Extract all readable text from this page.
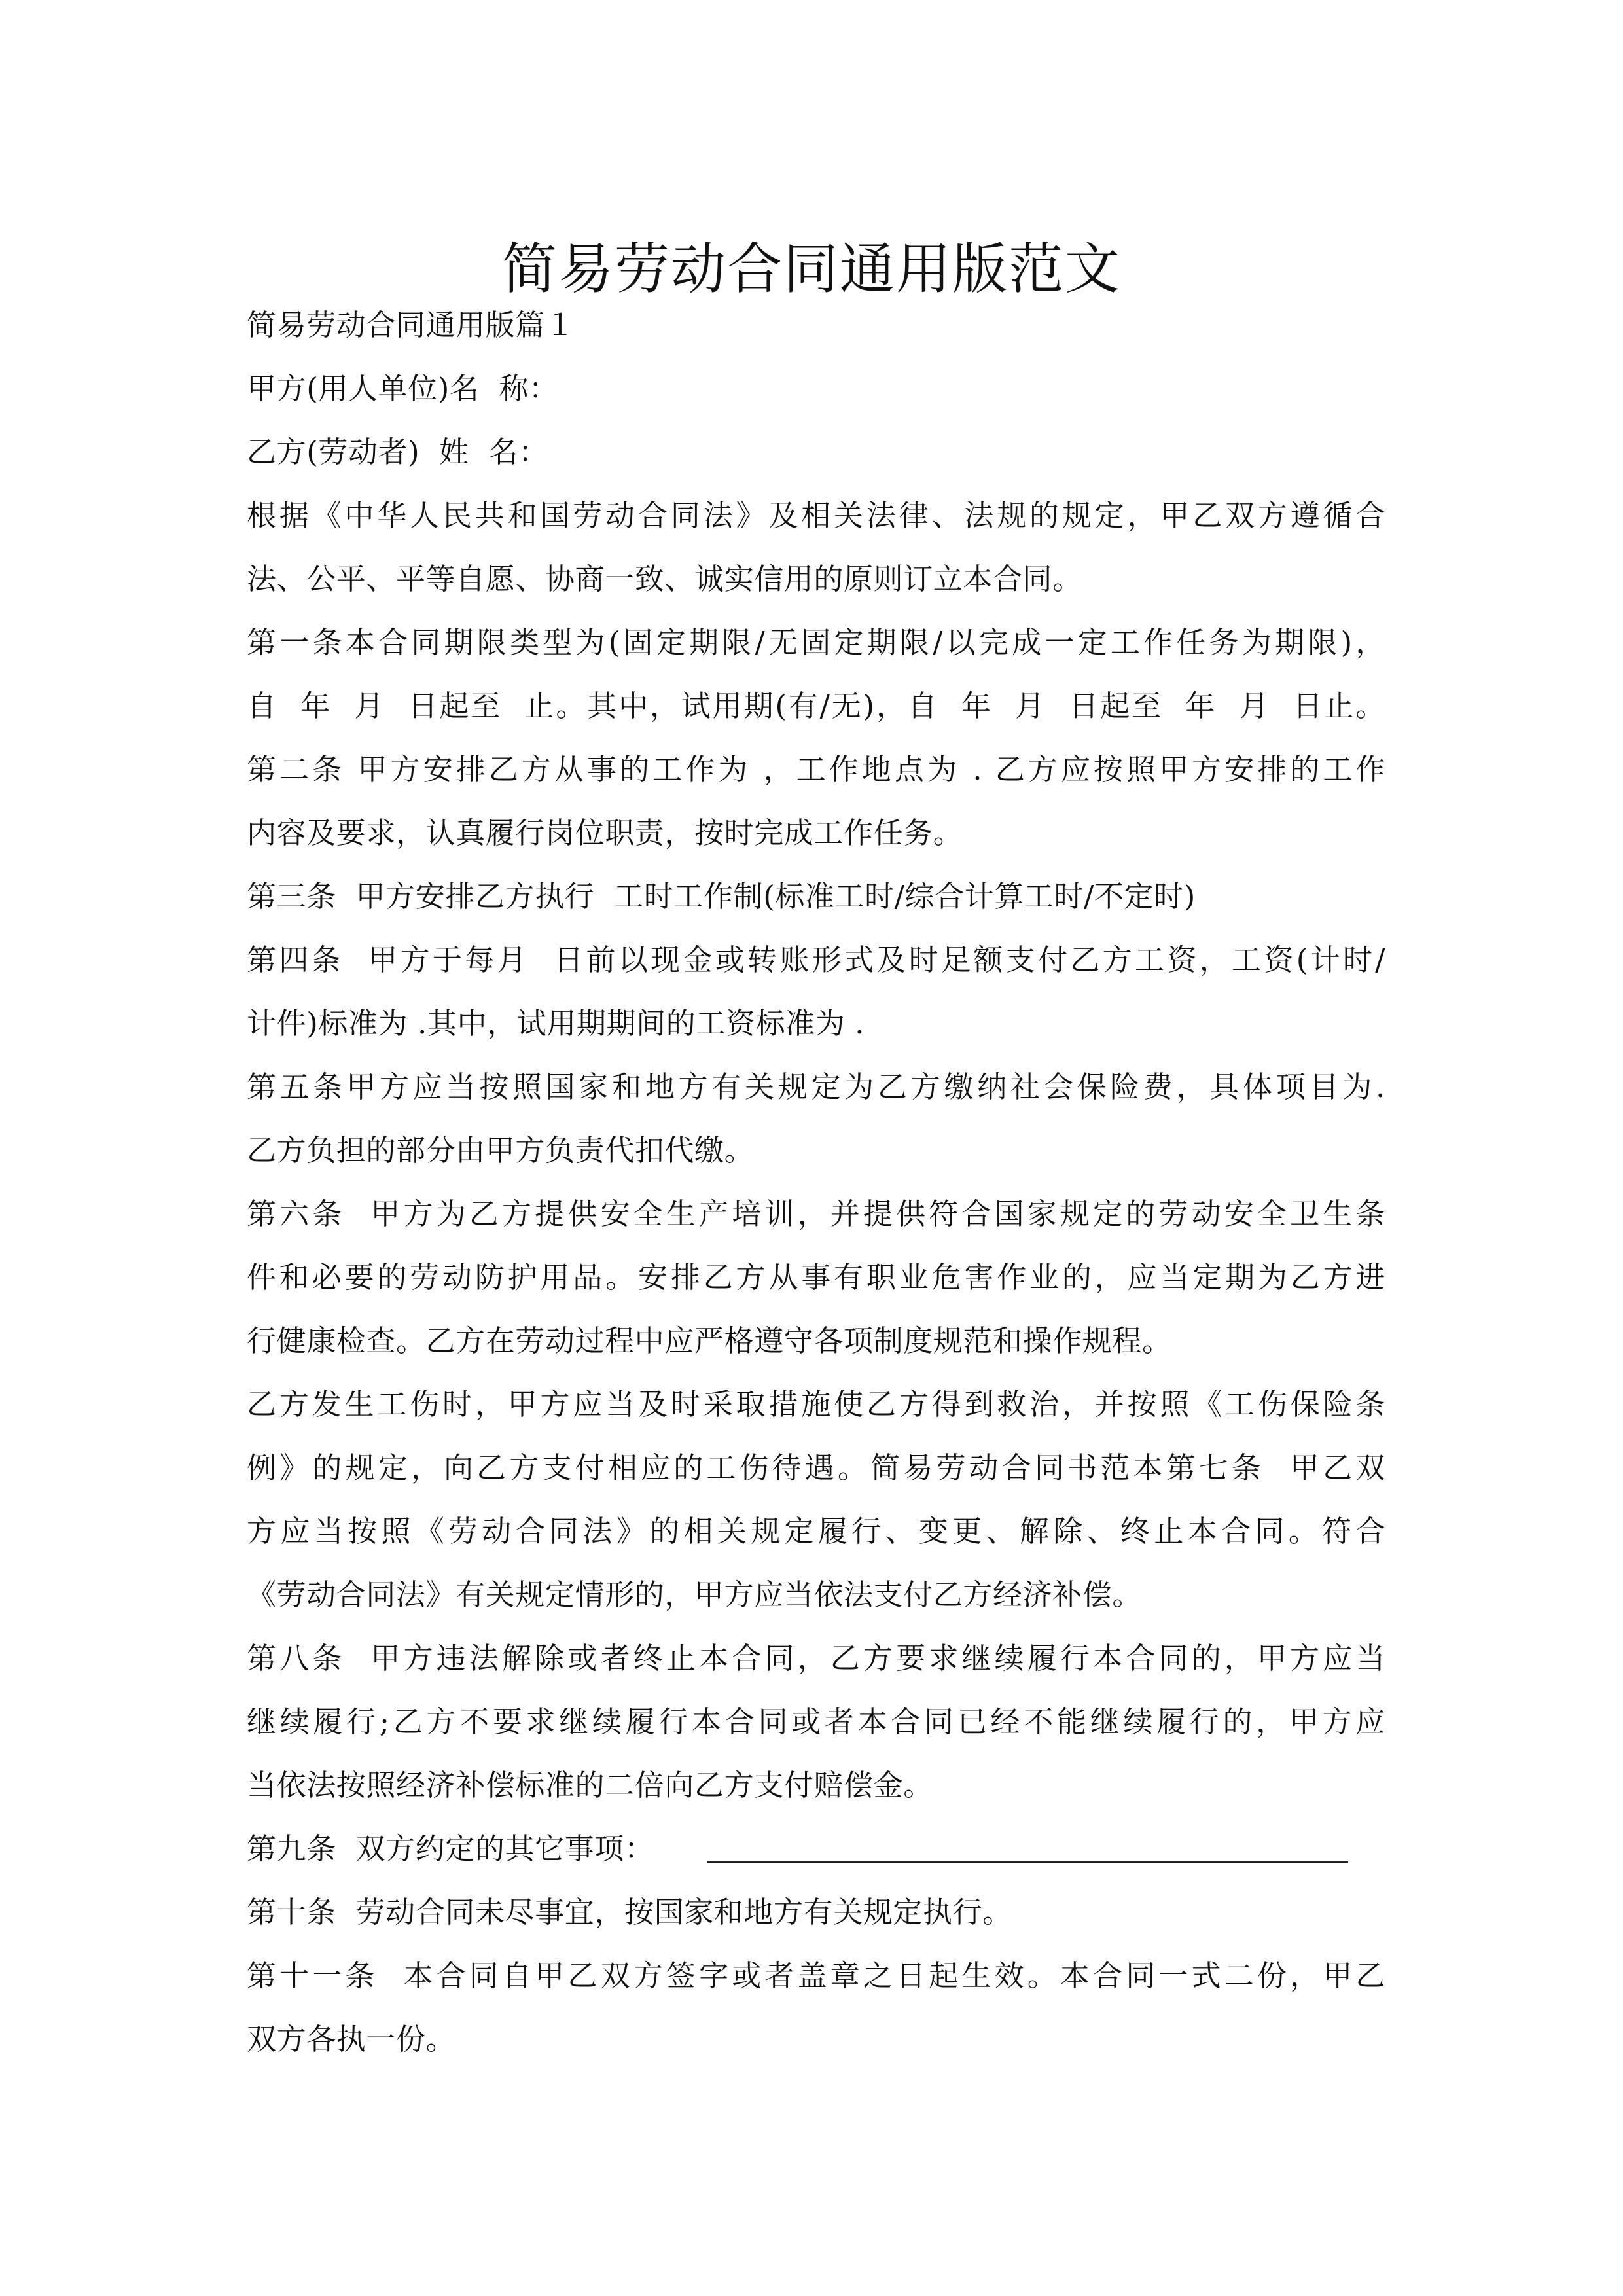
简易劳动合同通用版范文
简易劳动合同通用版篇１
甲方(用人单位)名  称：
乙方(劳动者)  姓  名：
根据《中华人民共和国劳动合同法》及相关法律、法规的规定，甲乙双方遵循合
法、公平、平等自愿、协商一致、诚实信用的原则订立本合同。
第一条本合同期限类型为(固定期限/无固定期限/以完成一定工作任务为期限)，
自  年  月  日起至  止。其中，试用期(有/无)，自  年  月  日起至  年  月  日止。
第二条 甲方安排乙方从事的工作为 ，工作地点为 . 乙方应按照甲方安排的工作
内容及要求，认真履行岗位职责，按时完成工作任务。
第三条  甲方安排乙方执行  工时工作制(标准工时/综合计算工时/不定时)
第四条  甲方于每月  日前以现金或转账形式及时足额支付乙方工资，工资(计时/
计件)标准为 .其中，试用期期间的工资标准为 .
第五条甲方应当按照国家和地方有关规定为乙方缴纳社会保险费，具体项目为.
乙方负担的部分由甲方负责代扣代缴。
第六条  甲方为乙方提供安全生产培训，并提供符合国家规定的劳动安全卫生条
件和必要的劳动防护用品。安排乙方从事有职业危害作业的，应当定期为乙方进
行健康检查。乙方在劳动过程中应严格遵守各项制度规范和操作规程。
乙方发生工伤时，甲方应当及时采取措施使乙方得到救治，并按照《工伤保险条
例》的规定，向乙方支付相应的工伤待遇。简易劳动合同书范本第七条  甲乙双
方应当按照《劳动合同法》的相关规定履行、变更、解除、终止本合同。符合
《劳动合同法》有关规定情形的，甲方应当依法支付乙方经济补偿。
第八条  甲方违法解除或者终止本合同，乙方要求继续履行本合同的，甲方应当
继续履行;乙方不要求继续履行本合同或者本合同已经不能继续履行的，甲方应
当依法按照经济补偿标准的二倍向乙方支付赔偿金。
第九条  双方约定的其它事项：
第十条  劳动合同未尽事宜，按国家和地方有关规定执行。
第十一条  本合同自甲乙双方签字或者盖章之日起生效。本合同一式二份，甲乙
双方各执一份。
